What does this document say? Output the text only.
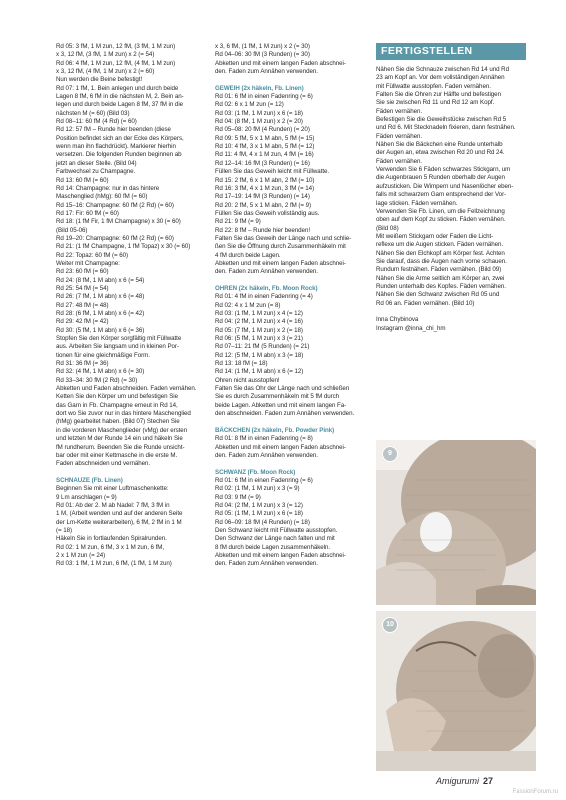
Rd 05: 3 fM, 1 M zun, 12 fM, (3 fM, 1 M zun)

x 3, 12 fM, (3 fM, 1 M zun) x 2 (= 54)

Rd 06: 4 fM, 1 M zun, 12 fM, (4 fM, 1 M zun)

x 3, 12 fM, (4 fM, 1 M zun) x 2 (= 60)

Nun werden die Beine befestigt!

Rd 07: 1 fM, 1. Bein anlegen und durch beide

Lagen 8 fM, 6 fM in die nächsten M, 2. Bein an-

legen und durch beide Lagen 8 fM, 37 fM in die

nächsten M (= 60) (Bild 03)

Rd 08–11: 60 fM (4 Rd) (= 60)

Rd 12: 57 fM – Runde hier beenden (diese

Position befindet sich an der Ecke des Körpers,

wenn man ihn flachdrückt). Markierer hierhin

versetzen. Die folgenden Runden beginnen ab

jetzt an dieser Stelle. (Bild 04)

Farbwechsel zu Champagne.

Rd 13: 60 fM (= 60)

Rd 14: Champagne: nur in das hintere

Maschenglied (hMg): 60 fM (= 60)

Rd 15–16: Champagne: 60 fM (2 Rd) (= 60)

Rd 17: Fir: 60 fM (= 60)

Rd 18: (1 fM Fir, 1 fM Champagne) x 30 (= 60)

(Bild 05-06)

Rd 19–20: Champagne: 60 fM (2 Rd) (= 60)

Rd 21: (1 fM Champagne, 1 fM Topaz) x 30 (= 60)

Rd 22: Topaz: 60 fM (= 60)

Weiter mit Champagne:

Rd 23: 60 fM (= 60)

Rd 24: (8 fM, 1 M abn) x 6 (= 54)

Rd 25: 54 fM (= 54)

Rd 26: (7 fM, 1 M abn) x 6 (= 48)

Rd 27: 48 fM (= 48)

Rd 28: (6 fM, 1 M abn) x 6 (= 42)

Rd 29: 42 fM (= 42)

Rd 30: (5 fM, 1 M abn) x 6 (= 36)

Stopfen Sie den Körper sorgfältig mit Füllwatte

aus. Arbeiten Sie langsam und in kleinen Por-

tionen für eine gleichmäßige Form.

Rd 31: 36 fM (= 36)

Rd 32: (4 fM, 1 M abn) x 6 (= 30)

Rd 33–34: 30 fM (2 Rd) (= 30)

Abketten und Faden abschneiden. Faden vernähen.

Ketten Sie den Körper um und befestigen Sie

das Garn in Fb. Champagne erneut in Rd 14,

dort wo Sie zuvor nur in das hintere Maschenglied

(hMg) gearbeitet haben. (Bild 07) Stechen Sie

in die vorderen Maschenglieder (vMg) der ersten

und letzten M der Runde 14 ein und häkeln Sie

fM rundherum. Beenden Sie die Runde unsicht-

bar oder mit einer Kettmasche in die erste M.

Faden abschneiden und vernähen.

SCHNAUZE (Fb. Linen)

Beginnen Sie mit einer Luftmaschenkette:

9 Lm anschlagen (= 9)

Rd 01: Ab der 2. M ab Nadel: 7 fM, 3 fM in

1 M, (Arbeit wenden und auf der anderen Seite

der Lm-Kette weiterarbeiten), 6 fM, 2 fM in 1 M

(= 18)

Häkeln Sie in fortlaufenden Spiralrunden.

Rd 02: 1 M zun, 6 fM, 3 x 1 M zun, 6 fM,

2 x 1 M zun (= 24)

Rd 03: 1 fM, 1 M zun, 6 fM, (1 fM, 1 M zun)

x 3, 6 fM, (1 fM, 1 M zun) x 2 (= 30)

Rd 04–06: 30 fM (3 Runden) (= 30)

Abketten und mit einem langen Faden abschnei-

den. Faden zum Annähen verwenden.

GEWEIH (2x häkeln, Fb. Linen)

Rd 01: 6 fM in einen Fadenring (= 6)

Rd 02: 6 x 1 M zun (= 12)

Rd 03: (1 fM, 1 M zun) x 6 (= 18)

Rd 04: (8 fM, 1 M zun) x 2 (= 20)

Rd 05–08: 20 fM (4 Runden) (= 20)

Rd 09: 5 fM, 5 x 1 M abn, 5 fM (= 15)

Rd 10: 4 fM, 3 x 1 M abn, 5 fM (= 12)

Rd 11: 4 fM, 4 x 1 M zun, 4 fM (= 16)

Rd 12–14: 16 fM (3 Runden) (= 16)

Füllen Sie das Geweih leicht mit Füllwatte.

Rd 15: 2 fM, 6 x 1 M abn, 2 fM (= 10)

Rd 16: 3 fM, 4 x 1 M zun, 3 fM (= 14)

Rd 17–19: 14 fM (3 Runden) (= 14)

Rd 20: 2 fM, 5 x 1 M abn, 2 fM (= 9)

Füllen Sie das Geweih vollständig aus.

Rd 21: 9 fM (= 9)

Rd 22: 8 fM – Runde hier beenden!

Falten Sie das Geweih der Länge nach und schlie-

ßen Sie die Öffnung durch Zusammenhäkeln mit

4 fM durch beide Lagen.

Abketten und mit einem langen Faden abschnei-

den. Faden zum Annähen verwenden.

OHREN (2x häkeln, Fb. Moon Rock)

Rd 01: 4 fM in einen Fadenring (= 4)

Rd 02: 4 x 1 M zun (= 8)

Rd 03: (1 fM, 1 M zun) x 4 (= 12)

Rd 04: (2 fM, 1 M zun) x 4 (= 16)

Rd 05: (7 fM, 1 M zun) x 2 (= 18)

Rd 06: (5 fM, 1 M zun) x 3 (= 21)

Rd 07–11: 21 fM (5 Runden) (= 21)

Rd 12: (5 fM, 1 M abn) x 3 (= 18)

Rd 13: 18 fM (= 18)

Rd 14: (1 fM, 1 M abn) x 6 (= 12)

Ohren nicht ausstopfen!

Falten Sie das Ohr der Länge nach und schließen

Sie es durch Zusammenhäkeln mit 5 fM durch

beide Lagen. Abketten und mit einem langen Fa-

den abschneiden. Faden zum Annähen verwenden.

BÄCKCHEN (2x häkeln, Fb. Powder Pink)

Rd 01: 8 fM in einen Fadenring (= 8)

Abketten und mit einem langen Faden abschnei-

den. Faden zum Annähen verwenden.

SCHWANZ (Fb. Moon Rock)

Rd 01: 6 fM in einen Fadenring (= 6)

Rd 02: (1 fM, 1 M zun) x 3 (= 9)

Rd 03: 9 fM (= 9)

Rd 04: (2 fM, 1 M zun) x 3 (= 12)

Rd 05: (1 fM, 1 M zun) x 6 (= 18)

Rd 06–09: 18 fM (4 Runden) (= 18)

Den Schwanz leicht mit Füllwatte ausstopfen.

Den Schwanz der Länge nach falten und mit

8 fM durch beide Lagen zusammenhäkeln.

Abketten und mit einem langen Faden abschnei-

den. Faden zum Annähen verwenden.

FERTIGSTELLEN

Nähen Sie die Schnauze zwischen Rd 14 und Rd

23 am Kopf an. Vor dem vollständigen Annähen

mit Füllwatte ausstopfen. Faden vernähen.

Falten Sie die Ohren zur Hälfte und befestigen

Sie sie zwischen Rd 11 und Rd 12 am Kopf.

Fäden vernähen.

Befestigen Sie die Geweihstücke zwischen Rd 5

und Rd 6. Mit Stecknadeln fixieren, dann festnähen.

Fäden vernähen.

Nähen Sie die Bäckchen eine Runde unterhalb

der Augen an, etwa zwischen Rd 20 und Rd 24.

Fäden vernähen.

Verwenden Sie 6 Fäden schwarzes Stickgarn, um

die Augenbrauen 5 Runden oberhalb der Augen

aufzusticken. Die Wimpern und Nasenlöcher eben-

falls mit schwarzem Garn entsprechend der Vor-

lage sticken. Fäden vernähen.

Verwenden Sie Fb. Linen, um die Fellzeichnung

oben auf dem Kopf zu sticken. Fäden vernähen.

(Bild 08)

Mit weißem Stickgarn oder Faden die Licht-

reflexe um die Augen sticken. Fäden vernähen.

Nähen Sie den Elchkopf am Körper fest. Achten

Sie darauf, dass die Augen nach vorne schauen.

Rundum festnähen. Fäden vernähen. (Bild 09)

Nähen Sie die Arme seitlich am Körper an, zwei

Runden unterhalb des Kopfes. Fäden vernähen.

Nähen Sie den Schwanz zwischen Rd 05 und

Rd 06 an. Fäden vernähen. (Bild 10)

Inna Chybinova

Instagram @inna_chi_hm

9
10
Amigurumi 27
FassionForum.ru
